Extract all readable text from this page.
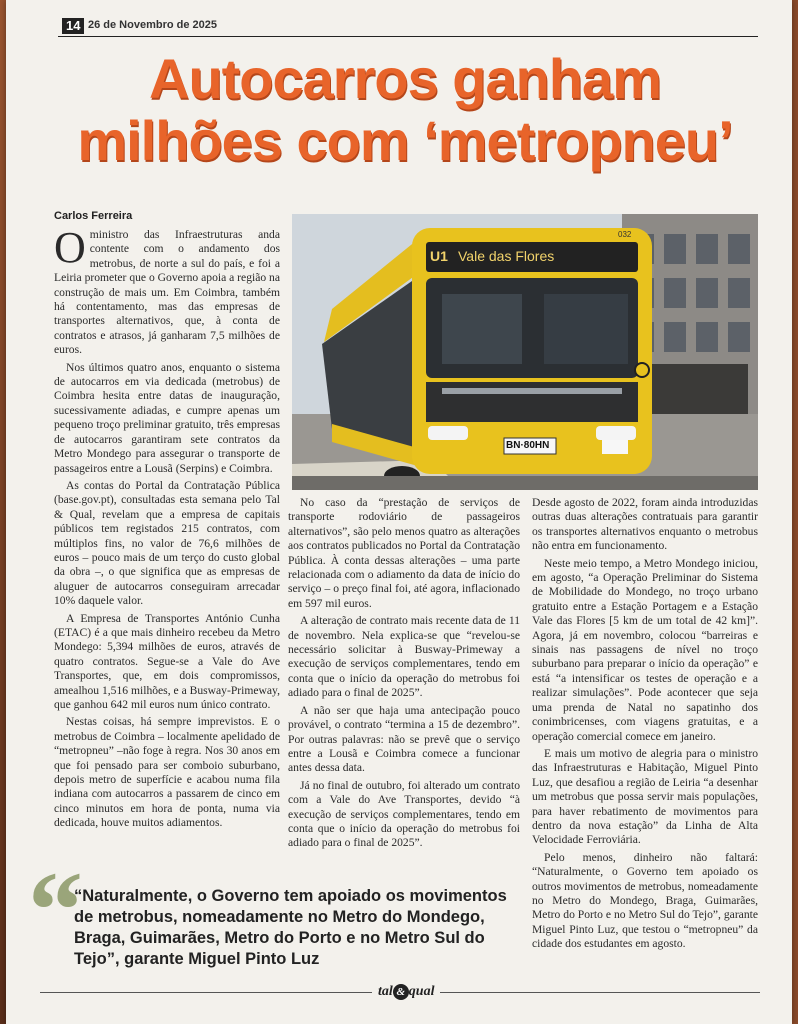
14 26 de Novembro de 2025
Autocarros ganham
milhões com ‘metropneu’
Carlos Ferreira

Oministro das Infraestruturas anda contente com o andamento dos metrobus, de norte a sul do país, e foi a Leiria prometer que o Governo apoia a região na construção de mais um. Em Coimbra, também há contentamento, mas das empresas de transportes alternativos, que, à conta de contratos e atrasos, já ganharam 7,5 milhões de euros.

Nos últimos quatro anos, enquanto o sistema de autocarros em via dedicada (metrobus) de Coimbra hesita entre datas de inauguração, sucessivamente adiadas, e cumpre apenas um pequeno troço preliminar gratuito, três empresas de autocarros garantiram sete contratos da Metro Mondego para assegurar o transporte de passageiros entre a Lousã (Serpins) e Coimbra.

As contas do Portal da Contratação Pública (base.gov.pt), consultadas esta semana pelo Tal & Qual, revelam que a empresa de capitais públicos tem registados 215 contratos, com múltiplos fins, no valor de 76,6 milhões de euros – pouco mais de um terço do custo global da obra –, o que significa que as empresas de aluguer de autocarros conseguiram arrecadar 10% daquele valor.

A Empresa de Transportes António Cunha (ETAC) é a que mais dinheiro recebeu da Metro Mondego: 5,394 milhões de euros, através de quatro contratos. Segue-se a Vale do Ave Transportes, que, em dois compromissos, amealhou 1,516 milhões, e a Busway-Primeway, que ganhou 642 mil euros num único contrato.

Nestas coisas, há sempre imprevistos. E o metrobus de Coimbra – localmente apelidado de “metropneu” –não foge à regra. Nos 30 anos em que foi pensado para ser comboio suburbano, depois metro de superfície e acabou numa fila indiana com autocarros a passarem de cinco em cinco minutos em hora de ponta, numa via dedicada, houve muitos adiamentos.

U1 Vale das Flores
032
BN·80HN

No caso da “prestação de serviços de transporte rodoviário de passageiros alternativos”, são pelo menos quatro as alterações aos contratos publicados no Portal da Contratação Pública. À conta dessas alterações – uma parte relacionada com o adiamento da data de início do serviço – o preço final foi, até agora, inflacionado em 597 mil euros.

A alteração de contrato mais recente data de 11 de novembro. Nela explica-se que “revelou-se necessário solicitar à Busway-Primeway a execução de serviços complementares, tendo em conta que o início da operação do metrobus foi adiado para o final de 2025”.

A não ser que haja uma antecipação pouco provável, o contrato “termina a 15 de dezembro”. Por outras palavras: não se prevê que o serviço entre a Lousã e Coimbra comece a funcionar antes dessa data.

Já no final de outubro, foi alterado um contrato com a Vale do Ave Transportes, devido “à execução de serviços complementares, tendo em conta que o início da operação do metrobus foi adiado para o final de 2025”.

Desde agosto de 2022, foram ainda introduzidas outras duas alterações contratuais para garantir os transportes alternativos enquanto o metrobus não entra em funcionamento.

Neste meio tempo, a Metro Mondego iniciou, em agosto, “a Operação Preliminar do Sistema de Mobilidade do Mondego, no troço urbano gratuito entre a Estação Portagem e a Estação Vale das Flores [5 km de um total de 42 km]”. Agora, já em novembro, colocou “barreiras e sinais nas passagens de nível no troço suburbano para preparar o início da operação” e está “a intensificar os testes de operação e a realizar simulações”. Pode acontecer que seja uma prenda de Natal no sapatinho dos conimbricenses, com viagens gratuitas, e a operação comercial comece em janeiro.

E mais um motivo de alegria para o ministro das Infraestruturas e Habitação, Miguel Pinto Luz, que desafiou a região de Leiria “a desenhar um metrobus que possa servir mais populações, para haver rebatimento de movimentos para dentro da nova estação” da Linha de Alta Velocidade Ferroviária.

Pelo menos, dinheiro não faltará: “Naturalmente, o Governo tem apoiado os outros movimentos de metrobus, nomeadamente no Metro do Mondego, Braga, Guimarães, Metro do Porto e no Metro Sul do Tejo”, garante Miguel Pinto Luz, que testou o “metropneu” da cidade dos estudantes em agosto.

“
“Naturalmente, o Governo tem apoiado os movimentos de metrobus, nomeadamente no Metro do Mondego, Braga, Guimarães, Metro do Porto e no Metro Sul do Tejo”, garante Miguel Pinto Luz
tal & qual
